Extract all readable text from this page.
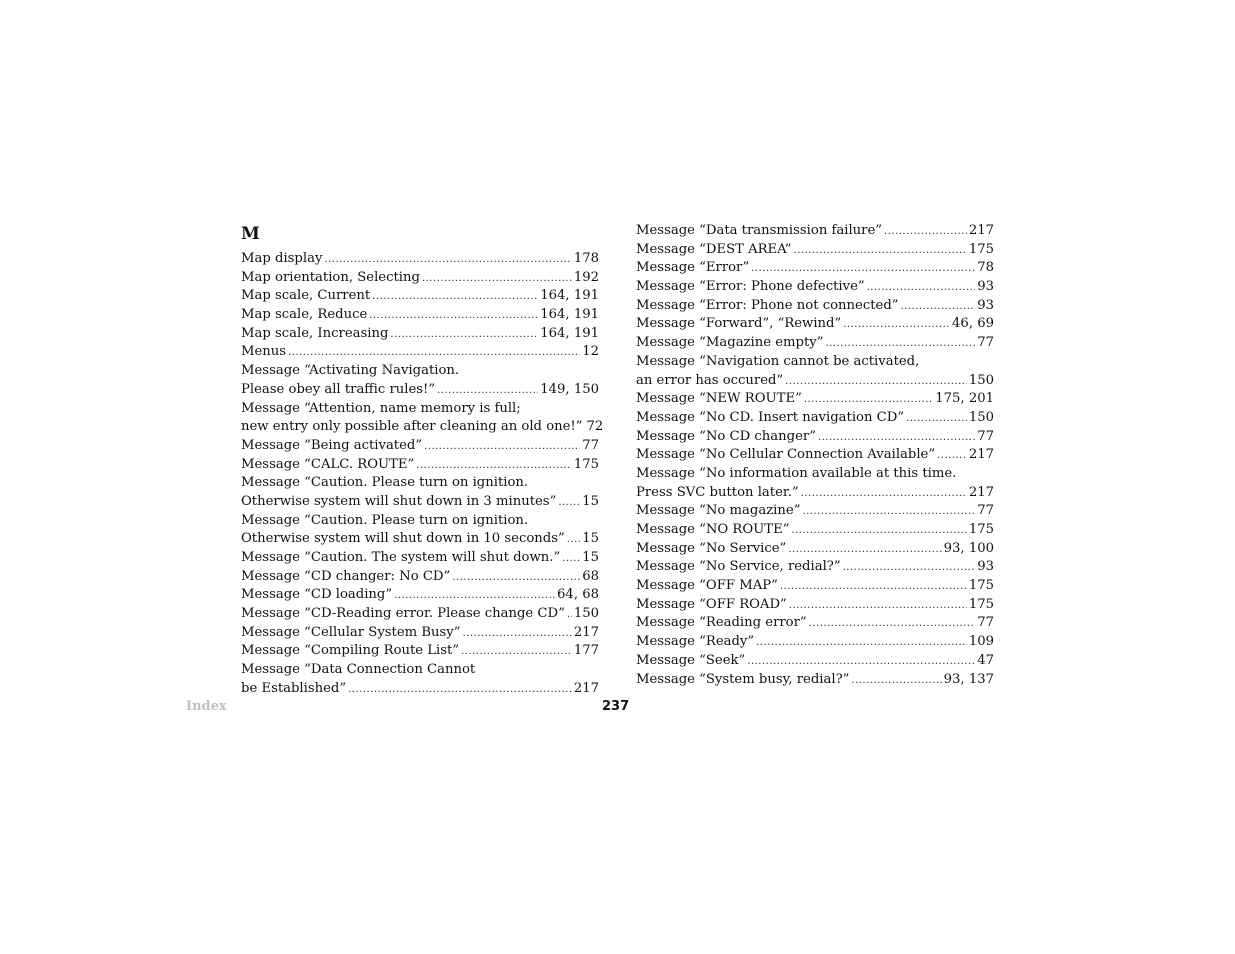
M
Map display .....	178
Map orientation, Selecting .....	192
Map scale, Current .....	164, 191
Map scale, Reduce .....	164, 191
Map scale, Increasing .....	164, 191
Menus .....	12
Message “Activating Navigation.
Please obey all traffic rules!” .....	149, 150
Message “Attention, name memory is full;
new entry only possible after cleaning an old one!” 72
Message “Being activated” .....	77
Message “CALC. ROUTE” .....	175
Message “Caution. Please turn on ignition.
Otherwise system will shut down in 3 minutes” ..... 15
Message “Caution. Please turn on ignition.
Otherwise system will shut down in 10 seconds” ..... 15
Message “Caution. The system will shut down.” ..... 15
Message “CD changer: No CD” .....	68
Message “CD loading” .....	64, 68
Message “CD-Reading error. Please change CD” ..... 150
Message “Cellular System Busy” .....	217
Message “Compiling Route List” .....	177
Message “Data Connection Cannot
be Established” .....	217
Message “Data transmission failure” .....	217
Message “DEST AREA” .....	175
Message “Error” .....	78
Message “Error: Phone defective” .....	93
Message “Error: Phone not connected” .....	93
Message “Forward”, “Rewind” .....	46, 69
Message “Magazine empty” .....	77
Message “Navigation cannot be activated,
an error has occured” .....	150
Message “NEW ROUTE” .....	175, 201
Message “No CD. Insert navigation CD” .....	150
Message “No CD changer” .....	77
Message “No Cellular Connection Available” .....	217
Message “No information available at this time.
Press SVC button later.” .....	217
Message “No magazine” .....	77
Message “NO ROUTE” .....	175
Message “No Service” .....	93, 100
Message “No Service, redial?” .....	93
Message “OFF MAP” .....	175
Message “OFF ROAD” .....	175
Message “Reading error” .....	77
Message “Ready” .....	109
Message “Seek” .....	47
Message “System busy, redial?” .....	93, 137
Index	237
